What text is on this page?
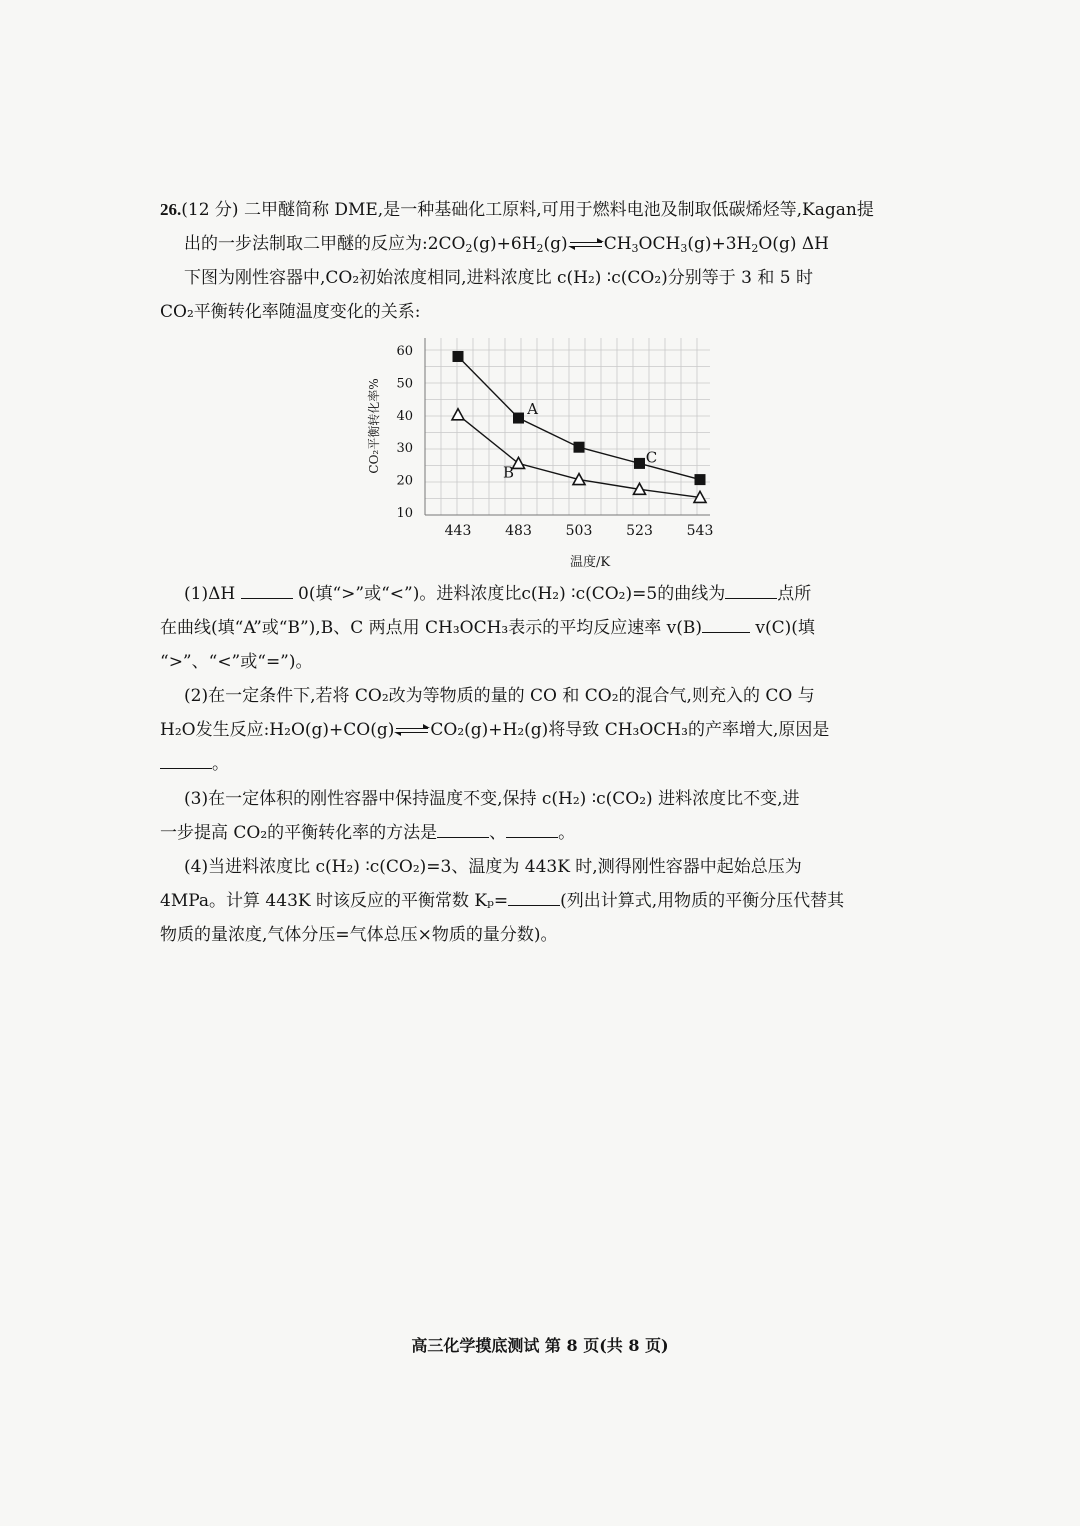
26.(12 分) 二甲醚简称 DME,是一种基础化工原料,可用于燃料电池及制取低碳烯烃等,Kagan提
出的一步法制取二甲醚的反应为$:2CO_2(g)+6H_2(g)$ $CH_3OCH_3(g)+3H_2O(g)$ ΔH
下图为刚性容器中,CO₂初始浓度相同,进料浓度比 c(H₂) ∶c(CO₂)分别等于 3 和 5 时
CO₂平衡转化率随温度变化的关系:
10
20
30
40
50
60
443 483 503 523 543
温度/K
CO₂平衡转化率%	A
B
C
(1)ΔH	0(填“>”或“<”)。进料浓度比c(H₂) ∶c(CO₂)=5的曲线为	点所
在曲线(填“A”或“B”),B、C 两点用 CH₃OCH₃表示的平均反应速率 v(B)	v(C)(填
“>”、“<”或“=”)。
(2)在一定条件下,若将 CO₂改为等物质的量的 CO 和 CO₂的混合气,则充入的 CO 与
H₂O发生反应:H₂O(g)+CO(g) CO₂(g)+H₂(g)将导致 CH₃OCH₃的产率增大,原因是
。
(3)在一定体积的刚性容器中保持温度不变,保持 c(H₂) ∶c(CO₂) 进料浓度比不变,进
一步提高 CO₂的平衡转化率的方法是	、	。
(4)当进料浓度比 c(H₂) ∶c(CO₂)=3、温度为 443K 时,测得刚性容器中起始总压为
4MPa。计算 443K 时该反应的平衡常数 Kₚ=	(列出计算式,用物质的平衡分压代替其
物质的量浓度,气体分压=气体总压×物质的量分数)。
高三化学摸底测试 第 8 页(共 8 页)
